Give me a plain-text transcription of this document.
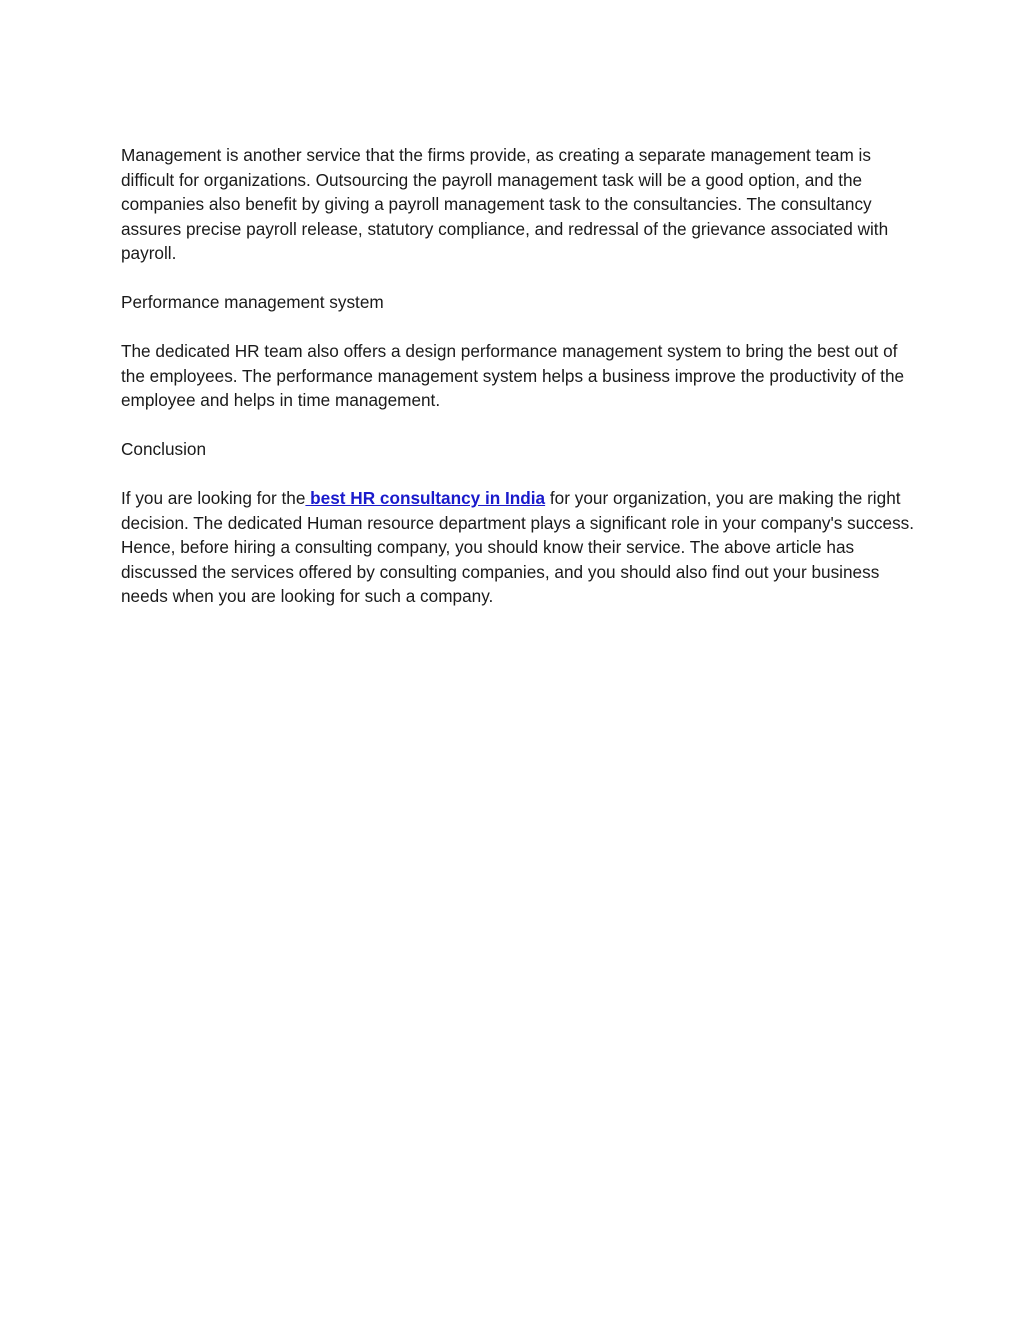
Management is another service that the firms provide, as creating a separate management team is difficult for organizations. Outsourcing the payroll management task will be a good option, and the companies also benefit by giving a payroll management task to the consultancies. The consultancy assures precise payroll release, statutory compliance, and redressal of the grievance associated with payroll.

Performance management system

The dedicated HR team also offers a design performance management system to bring the best out of the employees. The performance management system helps a business improve the productivity of the employee and helps in time management.

Conclusion

If you are looking for the best HR consultancy in India for your organization, you are making the right decision. The dedicated Human resource department plays a significant role in your company's success. Hence, before hiring a consulting company, you should know their service. The above article has discussed the services offered by consulting companies, and you should also find out your business needs when you are looking for such a company.
